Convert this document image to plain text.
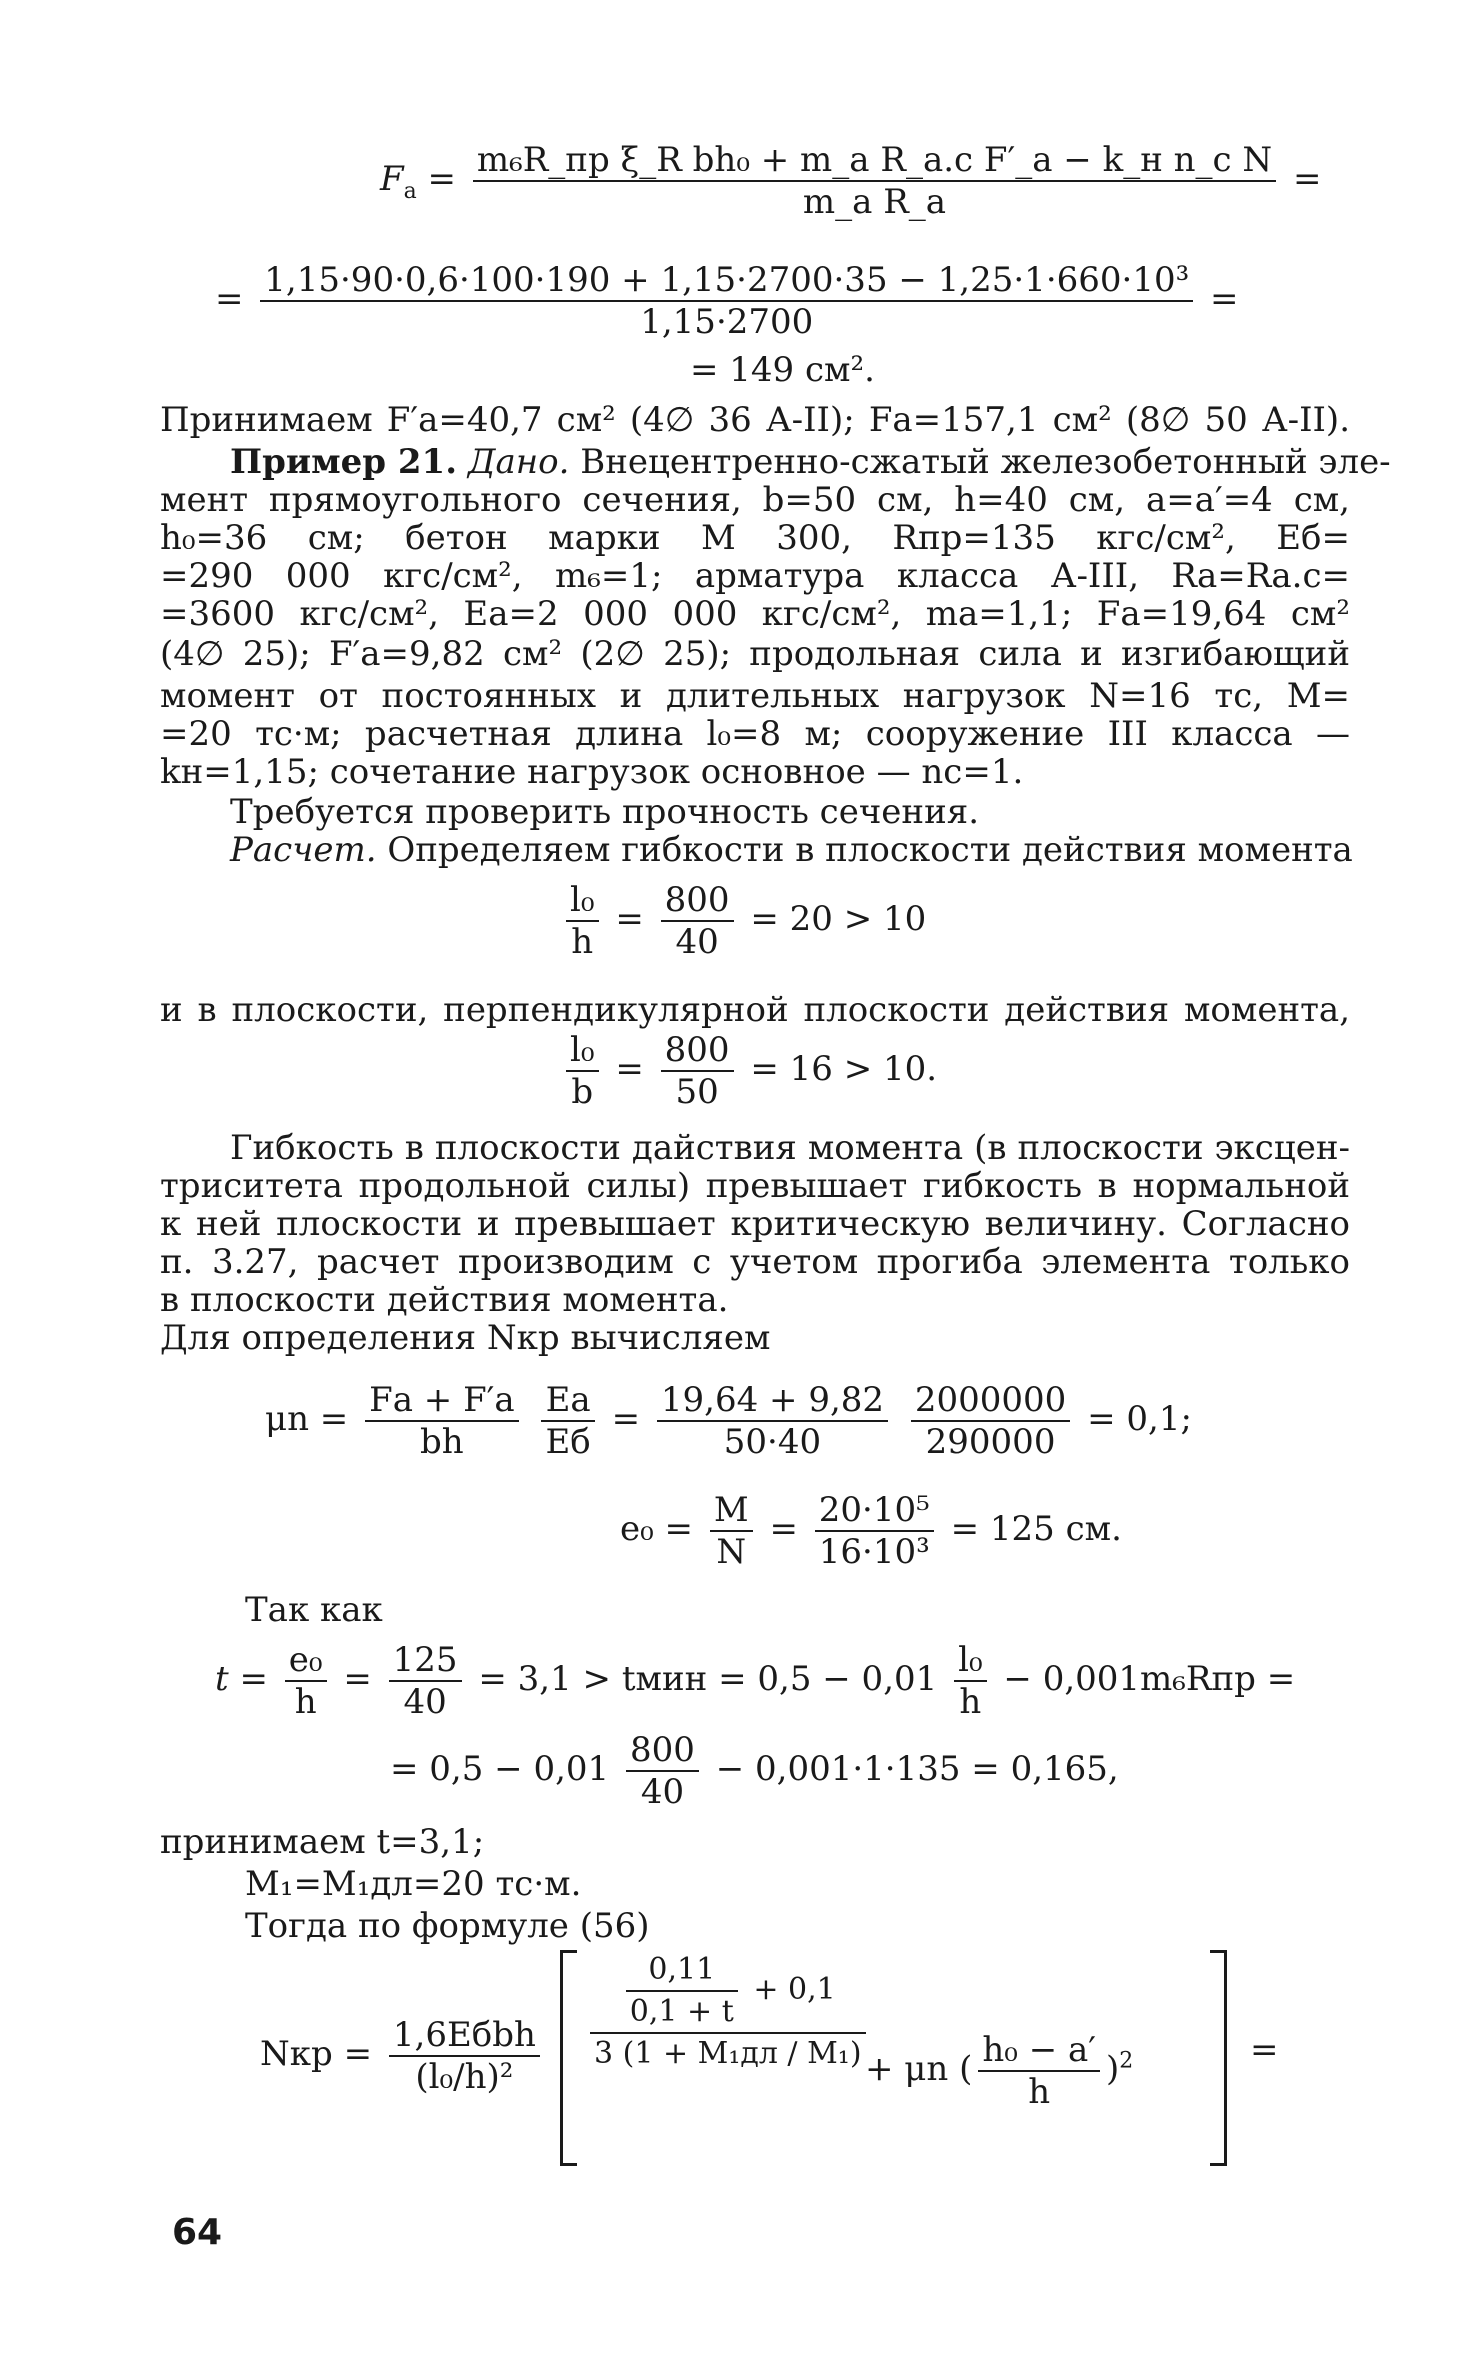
$F_а = \frac{\text{m₆R\_пр ξ\_R bh₀ + m\_а R\_а.с F′\_а − k\_н n\_с N}}{\text{m\_а R\_а}}$ =
= $\frac{\text{1,15·90·0,6·100·190 + 1,15·2700·35 − 1,25·1·660·10³}}{1,15\cdot 2700}$ =
= 149 см².
Принимаем F′а=40,7 см² (4∅ 36 А-II); Fа=157,1 см² (8∅ 50 А-II).
Пример 21. Дано. Внецентренно-сжатый железобетонный эле-
мент прямоугольного сечения, b=50 см, h=40 см, a=a′=4 см,
h₀=36 см; бетон марки М 300, Rпр=135 кгс/см², Eб=
=290 000 кгс/см², m₆=1; арматура класса А-III, Rа=Rа.с=
=3600 кгс/см², Eа=2 000 000 кгс/см², mа=1,1; Fа=19,64 см²
(4∅ 25); F′а=9,82 см² (2∅ 25); продольная сила и изгибающий
момент от постоянных и длительных нагрузок N=16 тс, M=
=20 тс·м; расчетная длина l₀=8 м; сооружение III класса —
kн=1,15; сочетание нагрузок основное — nс=1.
Требуется проверить прочность сечения.
Расчет. Определяем гибкости в плоскости действия момента
$\frac{\text{l₀}}{h} = \frac{800}{40} = 20 > 10$
и в плоскости, перпендикулярной плоскости действия момента,
$\frac{\text{l₀}}{b} = \frac{800}{50} = 16 > 10$.
Гибкость в плоскости дайствия момента (в плоскости эксцен-
триситета продольной силы) превышает гибкость в нормальной
к ней плоскости и превышает критическую величину. Согласно
п. 3.27, расчет производим с учетом прогиба элемента только
в плоскости действия момента.
Для определения Nкр вычисляем
$\mu n = \frac{Fа + F'а}{bh}$
$\frac{Eа}{Eб} = \frac{19,64 + 9,82}{50\cdot 40}$
$\frac{2000000}{290000} = 0,1$;
$e_0 = \frac{M}{N} = \frac{\text{20·10⁵}}{\text{16·10³}} = 125$ см.
Так как
$t = \frac{\text{e₀}}{h} = \frac{125}{40} = 3,1$ > tмин = $0,5 - 0,01 \frac{\text{l₀}}{h} - 0,001m_6Rпр$ =
= $0,5 - 0,01 \frac{800}{40} - 0,001\cdot 1\cdot 135 = 0,165$,
принимаем t=3,1;
M₁=M₁дл=20 тс·м.
Тогда по формуле (56)
Nкр = $\frac{\text{1,6Eбbh}}{\text{(l₀/h)²}} \frac{\frac{0,11}{0,1 + t} + 0,1}{\text{3 (1 + M₁дл / M₁)}} + \mu n$ ( $\frac{\text{h₀ − a′}}{h} )^2$	=
64
